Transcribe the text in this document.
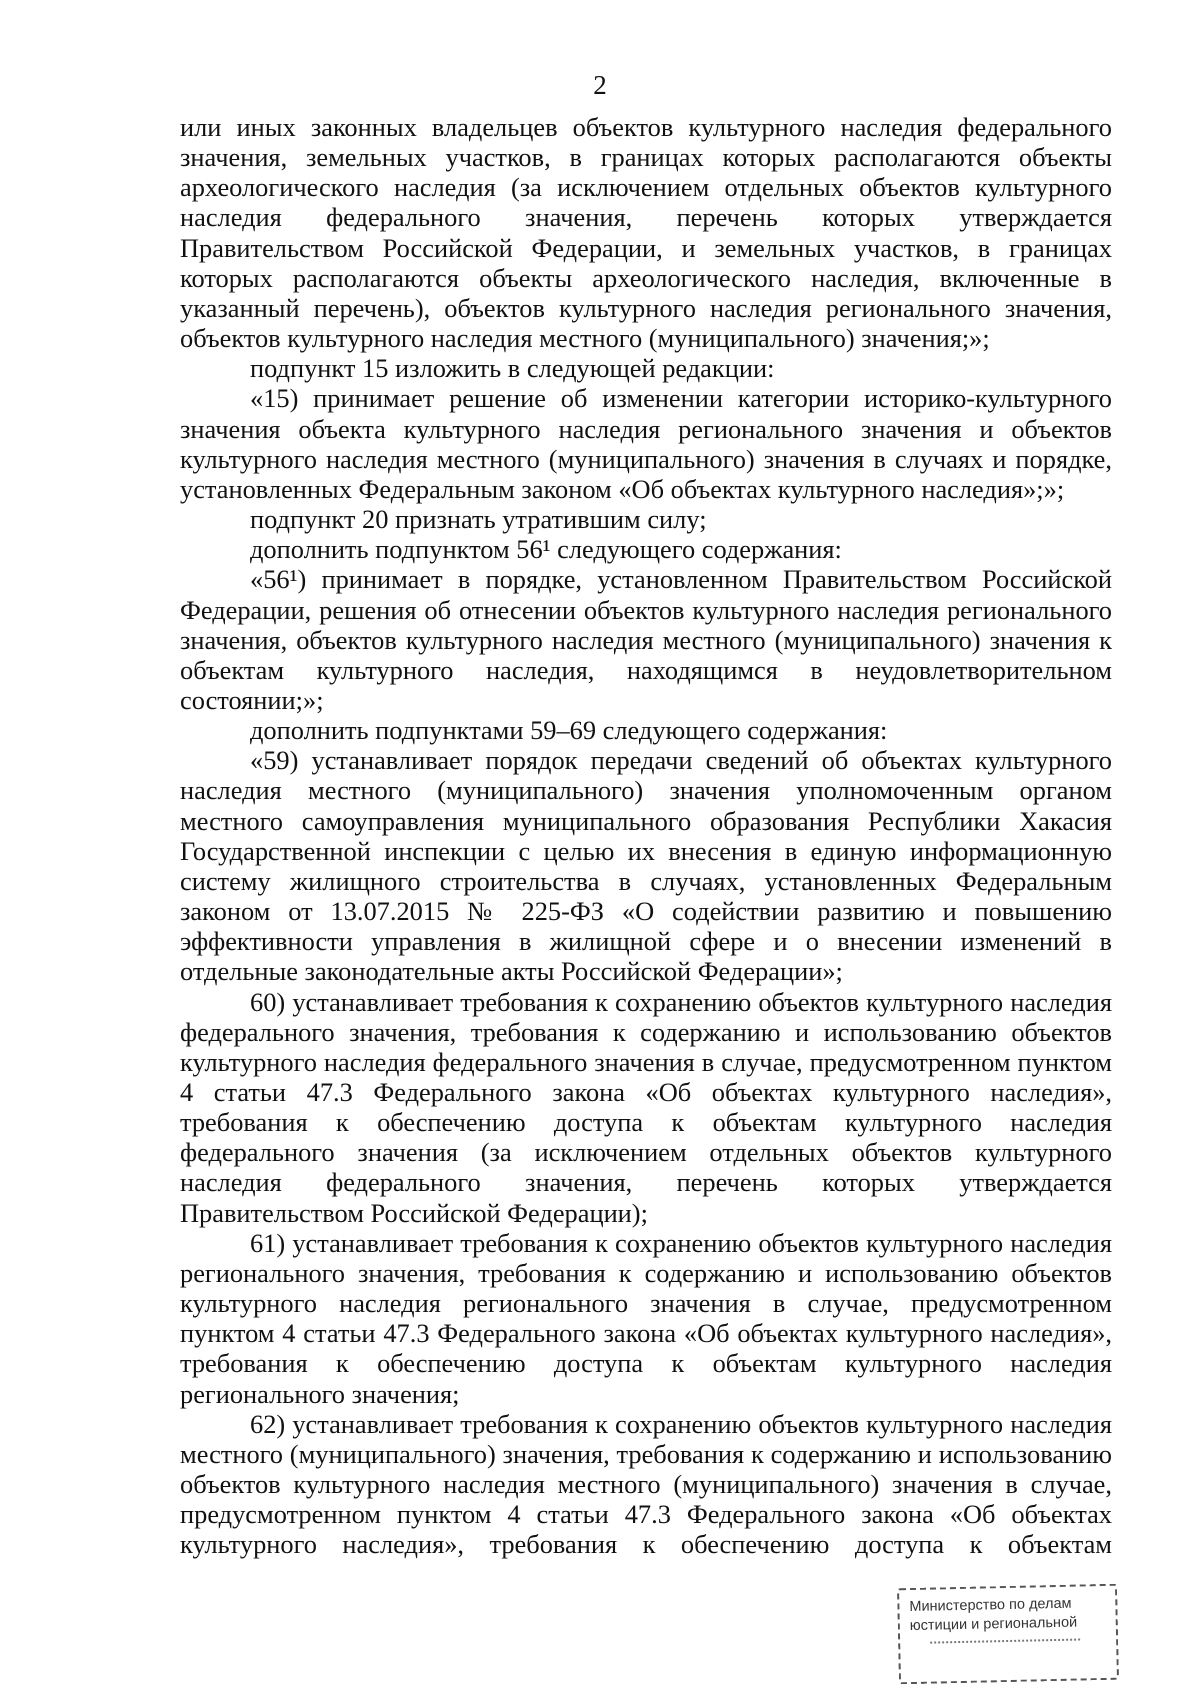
2

или иных законных владельцев объектов культурного наследия федерального значения, земельных участков, в границах которых располагаются объекты археологического наследия (за исключением отдельных объектов культурного наследия федерального значения, перечень которых утверждается Правительством Российской Федерации, и земельных участков, в границах которых располагаются объекты археологического наследия, включенные в указанный перечень), объектов культурного наследия регионального значения, объектов культурного наследия местного (муниципального) значения;»;

подпункт 15 изложить в следующей редакции:

«15) принимает решение об изменении категории историко-культурного значения объекта культурного наследия регионального значения и объектов культурного наследия местного (муниципального) значения в случаях и порядке, установленных Федеральным законом «Об объектах культурного наследия»;»;

подпункт 20 признать утратившим силу;

дополнить подпунктом 56¹ следующего содержания:

«56¹) принимает в порядке, установленном Правительством Российской Федерации, решения об отнесении объектов культурного наследия регионального значения, объектов культурного наследия местного (муниципального) значения к объектам культурного наследия, находящимся в неудовлетворительном состоянии;»;

дополнить подпунктами 59–69 следующего содержания:

«59) устанавливает порядок передачи сведений об объектах культурного наследия местного (муниципального) значения уполномоченным органом местного самоуправления муниципального образования Республики Хакасия Государственной инспекции с целью их внесения в единую информационную систему жилищного строительства в случаях, установленных Федеральным законом от 13.07.2015 № 225-ФЗ «О содействии развитию и повышению эффективности управления в жилищной сфере и о внесении изменений в отдельные законодательные акты Российской Федерации»;

60) устанавливает требования к сохранению объектов культурного наследия федерального значения, требования к содержанию и использованию объектов культурного наследия федерального значения в случае, предусмотренном пунктом 4 статьи 47.3 Федерального закона «Об объектах культурного наследия», требования к обеспечению доступа к объектам культурного наследия федерального значения (за исключением отдельных объектов культурного наследия федерального значения, перечень которых утверждается Правительством Российской Федерации);

61) устанавливает требования к сохранению объектов культурного наследия регионального значения, требования к содержанию и использованию объектов культурного наследия регионального значения в случае, предусмотренном пунктом 4 статьи 47.3 Федерального закона «Об объектах культурного наследия», требования к обеспечению доступа к объектам культурного наследия регионального значения;

62) устанавливает требования к сохранению объектов культурного наследия местного (муниципального) значения, требования к содержанию и использованию объектов культурного наследия местного (муниципального) значения в случае, предусмотренном пунктом 4 статьи 47.3 Федерального закона «Об объектах культурного наследия», требования к обеспечению доступа к объектам

Министерство по делам
юстиции и региональной
